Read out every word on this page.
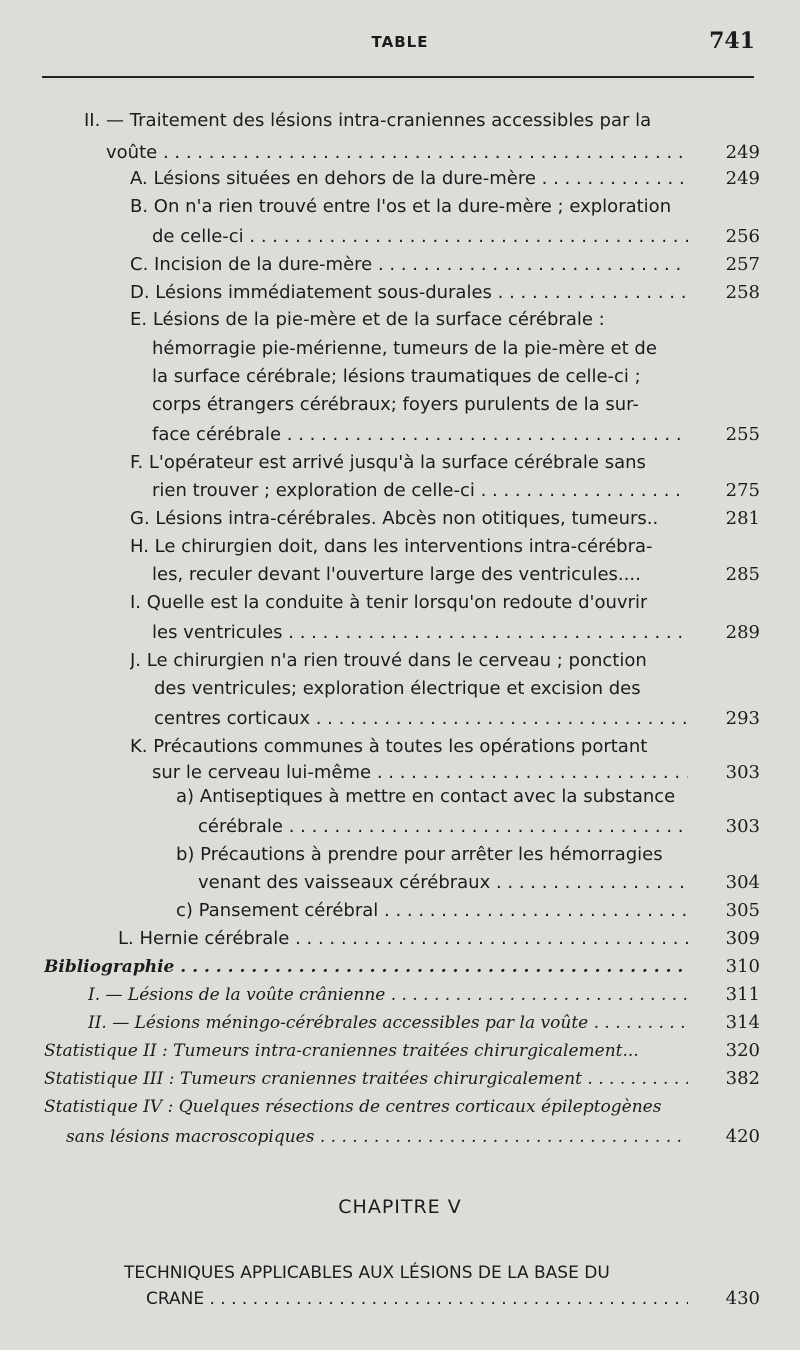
TABLE	741
II. — Traitement des lésions intra-craniennes accessibles par la
voûte . . .	249
A. Lésions situées en dehors de la dure-mère . . .	249
B. On n'a rien trouvé entre l'os et la dure-mère ; exploration
de celle-ci . . .	256
C. Incision de la dure-mère . . .	257
D. Lésions immédiatement sous-durales . . .	258
E. Lésions de la pie-mère et de la surface cérébrale :
hémorragie pie-mérienne, tumeurs de la pie-mère et de
la surface cérébrale; lésions traumatiques de celle-ci ;
corps étrangers cérébraux; foyers purulents de la sur-
face cérébrale . . .	255
F. L'opérateur est arrivé jusqu'à la surface cérébrale sans
rien trouver ; exploration de celle-ci . . .	275
G. Lésions intra-cérébrales. Abcès non otitiques, tumeurs..	281
H. Le chirurgien doit, dans les interventions intra-cérébra-
les, reculer devant l'ouverture large des ventricules....	285
I. Quelle est la conduite à tenir lorsqu'on redoute d'ouvrir
les ventricules . . .	289
J. Le chirurgien n'a rien trouvé dans le cerveau ; ponction
des ventricules; exploration électrique et excision des
centres corticaux . . .	293
K. Précautions communes à toutes les opérations portant
sur le cerveau lui-même . . .	303
a) Antiseptiques à mettre en contact avec la substance
cérébrale . . .	303
b) Précautions à prendre pour arrêter les hémorragies
venant des vaisseaux cérébraux . . .	304
c) Pansement cérébral . . .	305
L. Hernie cérébrale . . .	309
Bibliographie . . .	310
I. — Lésions de la voûte crânienne . . .	311
II. — Lésions méningo-cérébrales accessibles par la voûte . . .	314
Statistique II : Tumeurs intra-craniennes traitées chirurgicalement...	320
Statistique III : Tumeurs craniennes traitées chirurgicalement . . .	382
Statistique IV : Quelques résections de centres corticaux épileptogènes
sans lésions macroscopiques . . .	420
CHAPITRE V
TECHNIQUES APPLICABLES AUX LÉSIONS DE LA BASE DU
CRANE . . .	430
